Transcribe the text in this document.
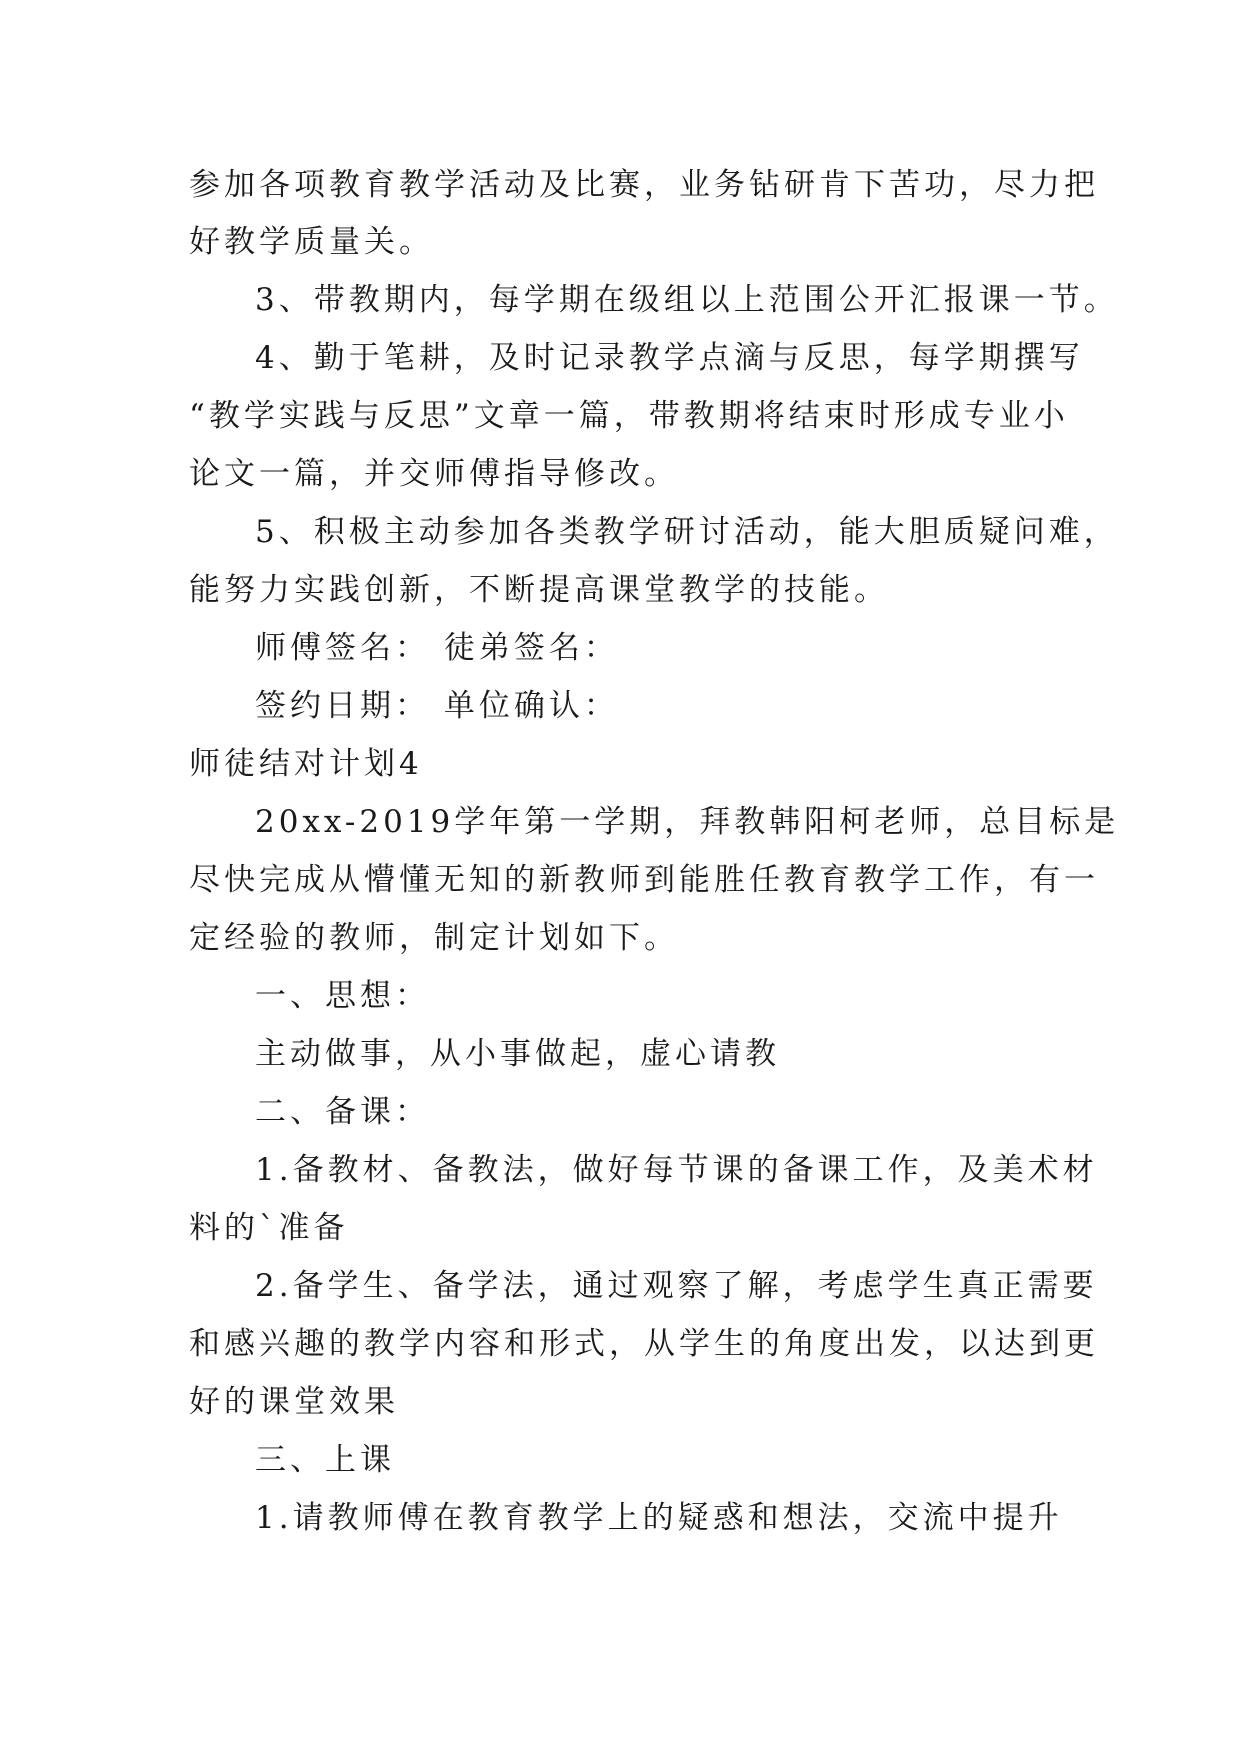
参加各项教育教学活动及比赛，业务钻研肯下苦功，尽力把
好教学质量关。
3、带教期内，每学期在级组以上范围公开汇报课一节。
4、勤于笔耕，及时记录教学点滴与反思，每学期撰写
“教学实践与反思”文章一篇，带教期将结束时形成专业小
论文一篇，并交师傅指导修改。
5、积极主动参加各类教学研讨活动，能大胆质疑问难，
能努力实践创新，不断提高课堂教学的技能。
师傅签名： 徒弟签名：
签约日期： 单位确认：
师徒结对计划4
20xx-2019学年第一学期，拜教韩阳柯老师，总目标是
尽快完成从懵懂无知的新教师到能胜任教育教学工作，有一
定经验的教师，制定计划如下。
一、思想：
主动做事，从小事做起，虚心请教
二、备课：
1.备教材、备教法，做好每节课的备课工作，及美术材
料的`准备
2.备学生、备学法，通过观察了解，考虑学生真正需要
和感兴趣的教学内容和形式，从学生的角度出发，以达到更
好的课堂效果
三、上课
1.请教师傅在教育教学上的疑惑和想法，交流中提升
